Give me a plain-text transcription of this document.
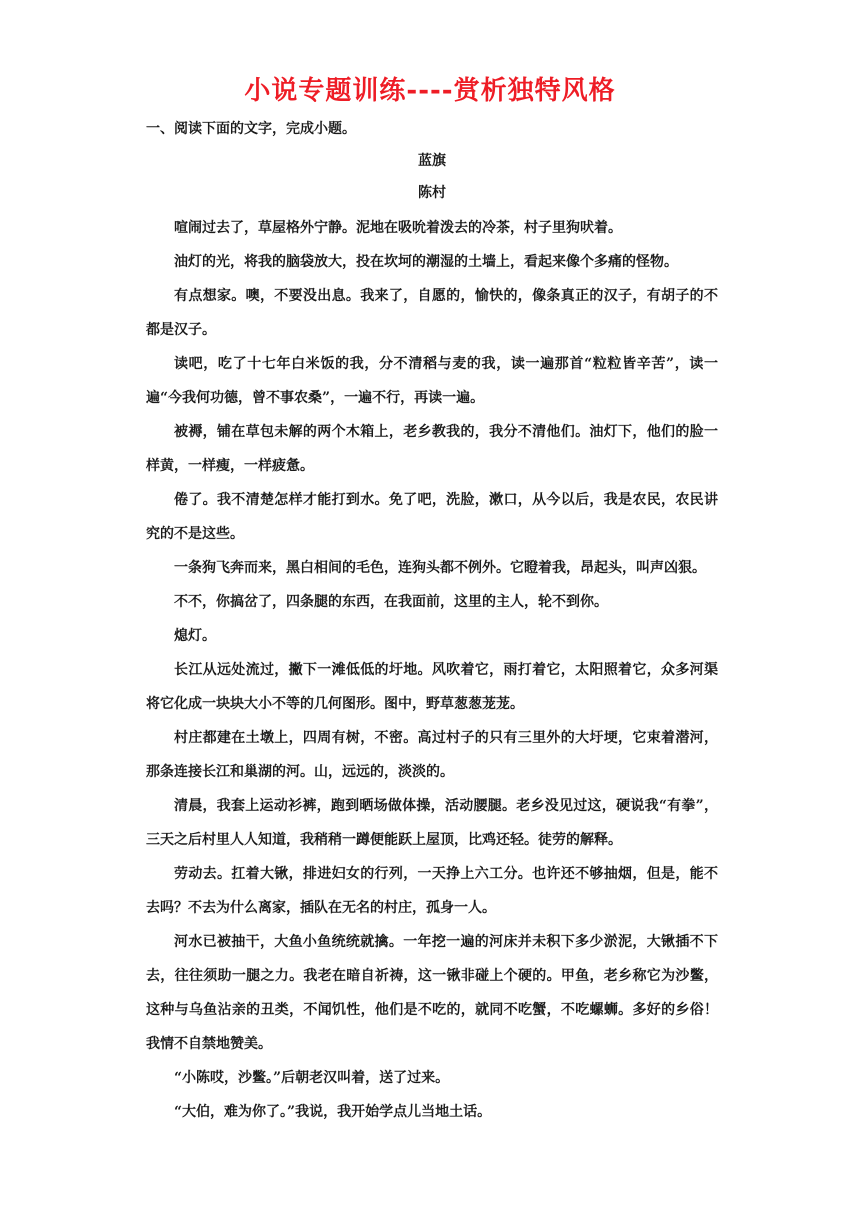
小说专题训练----赏析独特风格
一、阅读下面的文字，完成小题。
蓝旗
陈村

喧闹过去了，草屋格外宁静。泥地在吸吮着泼去的冷茶，村子里狗吠着。

油灯的光，将我的脑袋放大，投在坎坷的潮湿的土墙上，看起来像个多痛的怪物。

有点想家。噢，不要没出息。我来了，自愿的，愉快的，像条真正的汉子，有胡子的不都是汉子。

读吧，吃了十七年白米饭的我，分不清稻与麦的我，读一遍那首“粒粒皆辛苦”，读一遍“今我何功德，曾不事农桑”，一遍不行，再读一遍。

被褥，铺在草包未解的两个木箱上，老乡教我的，我分不清他们。油灯下，他们的脸一样黄，一样瘦，一样疲惫。

倦了。我不清楚怎样才能打到水。免了吧，洗脸，漱口，从今以后，我是农民，农民讲究的不是这些。

一条狗飞奔而来，黑白相间的毛色，连狗头都不例外。它瞪着我，昂起头，叫声凶狠。

不不，你搞岔了，四条腿的东西，在我面前，这里的主人，轮不到你。

熄灯。

长江从远处流过，撇下一滩低低的圩地。风吹着它，雨打着它，太阳照着它，众多河渠将它化成一块块大小不等的几何图形。图中，野草葱葱茏茏。

村庄都建在土墩上，四周有树，不密。高过村子的只有三里外的大圩埂，它束着潜河，那条连接长江和巢湖的河。山，远远的，淡淡的。

清晨，我套上运动衫裤，跑到晒场做体操，活动腰腿。老乡没见过这，硬说我“有拳”，三天之后村里人人知道，我稍稍一蹲便能跃上屋顶，比鸡还轻。徒劳的解释。

劳动去。扛着大锹，排进妇女的行列，一天挣上六工分。也许还不够抽烟，但是，能不去吗？不去为什么离家，插队在无名的村庄，孤身一人。

河水已被抽干，大鱼小鱼统统就擒。一年挖一遍的河床并未积下多少淤泥，大锹插不下去，往往须助一腿之力。我老在暗自祈祷，这一锹非碰上个硬的。甲鱼，老乡称它为沙鳖，这种与乌鱼沾亲的丑类，不闻饥性，他们是不吃的，就同不吃蟹，不吃螺蛳。多好的乡俗！我情不自禁地赞美。

“小陈哎，沙鳖。”后朝老汉叫着，送了过来。

“大伯，难为你了。”我说，我开始学点儿当地土话。
